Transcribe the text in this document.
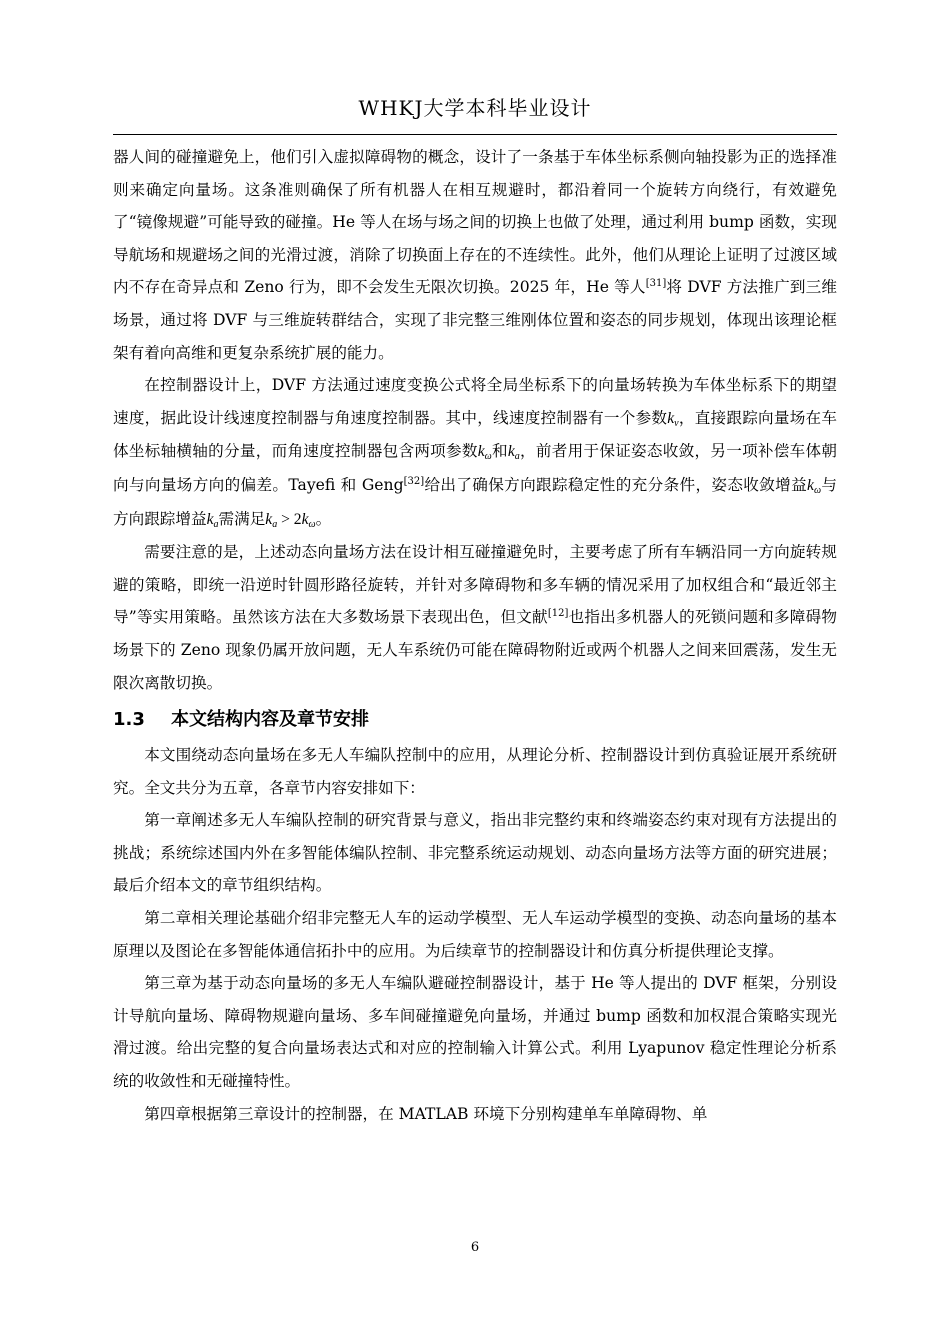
WHKJ大学本科毕业设计

器人间的碰撞避免上，他们引入虚拟障碍物的概念，设计了一条基于车体坐标系侧向轴投影为正的选择准则来确定向量场。这条准则确保了所有机器人在相互规避时，都沿着同一个旋转方向绕行，有效避免了“镜像规避”可能导致的碰撞。He 等人在场与场之间的切换上也做了处理，通过利用 bump 函数，实现导航场和规避场之间的光滑过渡，消除了切换面上存在的不连续性。此外，他们从理论上证明了过渡区域内不存在奇异点和 Zeno 行为，即不会发生无限次切换。2025 年，He 等人[31]将 DVF 方法推广到三维场景，通过将 DVF 与三维旋转群结合，实现了非完整三维刚体位置和姿态的同步规划，体现出该理论框架有着向高维和更复杂系统扩展的能力。

在控制器设计上，DVF 方法通过速度变换公式将全局坐标系下的向量场转换为车体坐标系下的期望速度，据此设计线速度控制器与角速度控制器。其中，线速度控制器有一个参数$k_v$，直接跟踪向量场在车体坐标轴横轴的分量，而角速度控制器包含两项参数$k_\omega$和$k_a$，前者用于保证姿态收敛，另一项补偿车体朝向与向量场方向的偏差。Tayefi 和 Geng[32]给出了确保方向跟踪稳定性的充分条件，姿态收敛增益$k_\omega$与方向跟踪增益$k_a$需满足$k_a > 2k_\omega$。

需要注意的是，上述动态向量场方法在设计相互碰撞避免时，主要考虑了所有车辆沿同一方向旋转规避的策略，即统一沿逆时针圆形路径旋转，并针对多障碍物和多车辆的情况采用了加权组合和“最近邻主导”等实用策略。虽然该方法在大多数场景下表现出色，但文献[12]也指出多机器人的死锁问题和多障碍物场景下的 Zeno 现象仍属开放问题，无人车系统仍可能在障碍物附近或两个机器人之间来回震荡，发生无限次离散切换。

1.3 本文结构内容及章节安排

本文围绕动态向量场在多无人车编队控制中的应用，从理论分析、控制器设计到仿真验证展开系统研究。全文共分为五章，各章节内容安排如下：

第一章阐述多无人车编队控制的研究背景与意义，指出非完整约束和终端姿态约束对现有方法提出的挑战；系统综述国内外在多智能体编队控制、非完整系统运动规划、动态向量场方法等方面的研究进展；最后介绍本文的章节组织结构。

第二章相关理论基础介绍非完整无人车的运动学模型、无人车运动学模型的变换、动态向量场的基本原理以及图论在多智能体通信拓扑中的应用。为后续章节的控制器设计和仿真分析提供理论支撑。

第三章为基于动态向量场的多无人车编队避碰控制器设计，基于 He 等人提出的 DVF 框架，分别设计导航向量场、障碍物规避向量场、多车间碰撞避免向量场，并通过 bump 函数和加权混合策略实现光滑过渡。给出完整的复合向量场表达式和对应的控制输入计算公式。利用 Lyapunov 稳定性理论分析系统的收敛性和无碰撞特性。

第四章根据第三章设计的控制器，在 MATLAB 环境下分别构建单车单障碍物、单

6
